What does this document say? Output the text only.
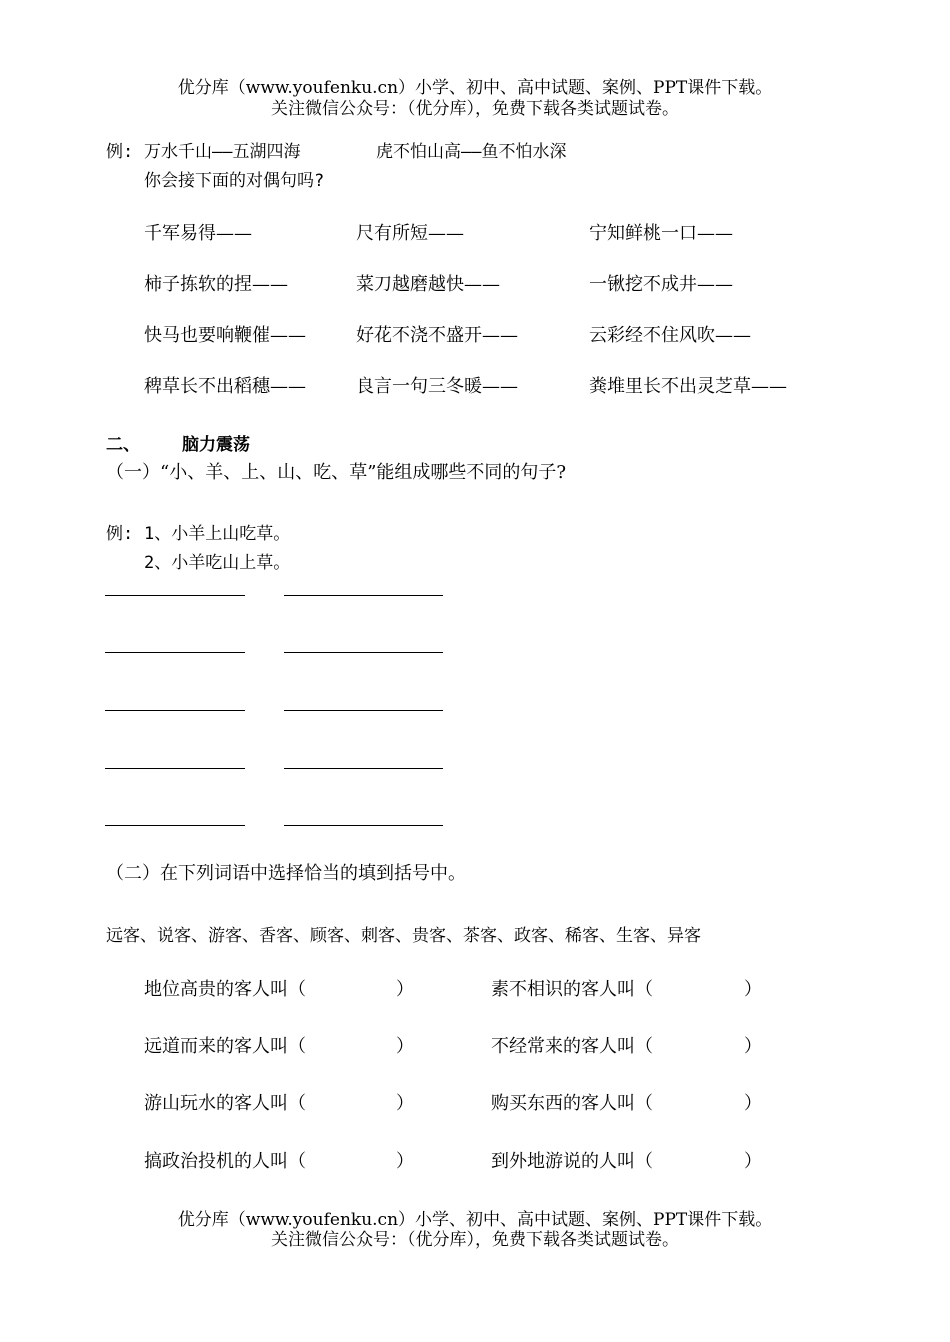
优分库（www.youfenku.cn）小学、初中、高中试题、案例、PPT课件下载。
关注微信公众号：（优分库），免费下载各类试题试卷。
例: 万水千山——五湖四海	虎不怕山高——鱼不怕水深
你会接下面的对偶句吗?
千军易得——	尺有所短——	宁知鲜桃一口——
柿子拣软的捏——	菜刀越磨越快——	一锹挖不成井——
快马也要响鞭催——	好花不浇不盛开——	云彩经不住风吹——
稗草长不出稻穗——	良言一句三冬暖——	粪堆里长不出灵芝草——
二、 脑力震荡
（一）“小、羊、上、山、吃、草”能组成哪些不同的句子?
例: 1、小羊上山吃草。
2、小羊吃山上草。
（二）在下列词语中选择恰当的填到括号中。
远客、说客、游客、香客、顾客、刺客、贵客、茶客、政客、稀客、生客、异客
地位高贵的客人叫（	）	素不相识的客人叫（	）
远道而来的客人叫（	）	不经常来的客人叫（	）
游山玩水的客人叫（	）	购买东西的客人叫（	）
搞政治投机的人叫（	）	到外地游说的人叫（	）
优分库（www.youfenku.cn）小学、初中、高中试题、案例、PPT课件下载。
关注微信公众号：（优分库），免费下载各类试题试卷。
